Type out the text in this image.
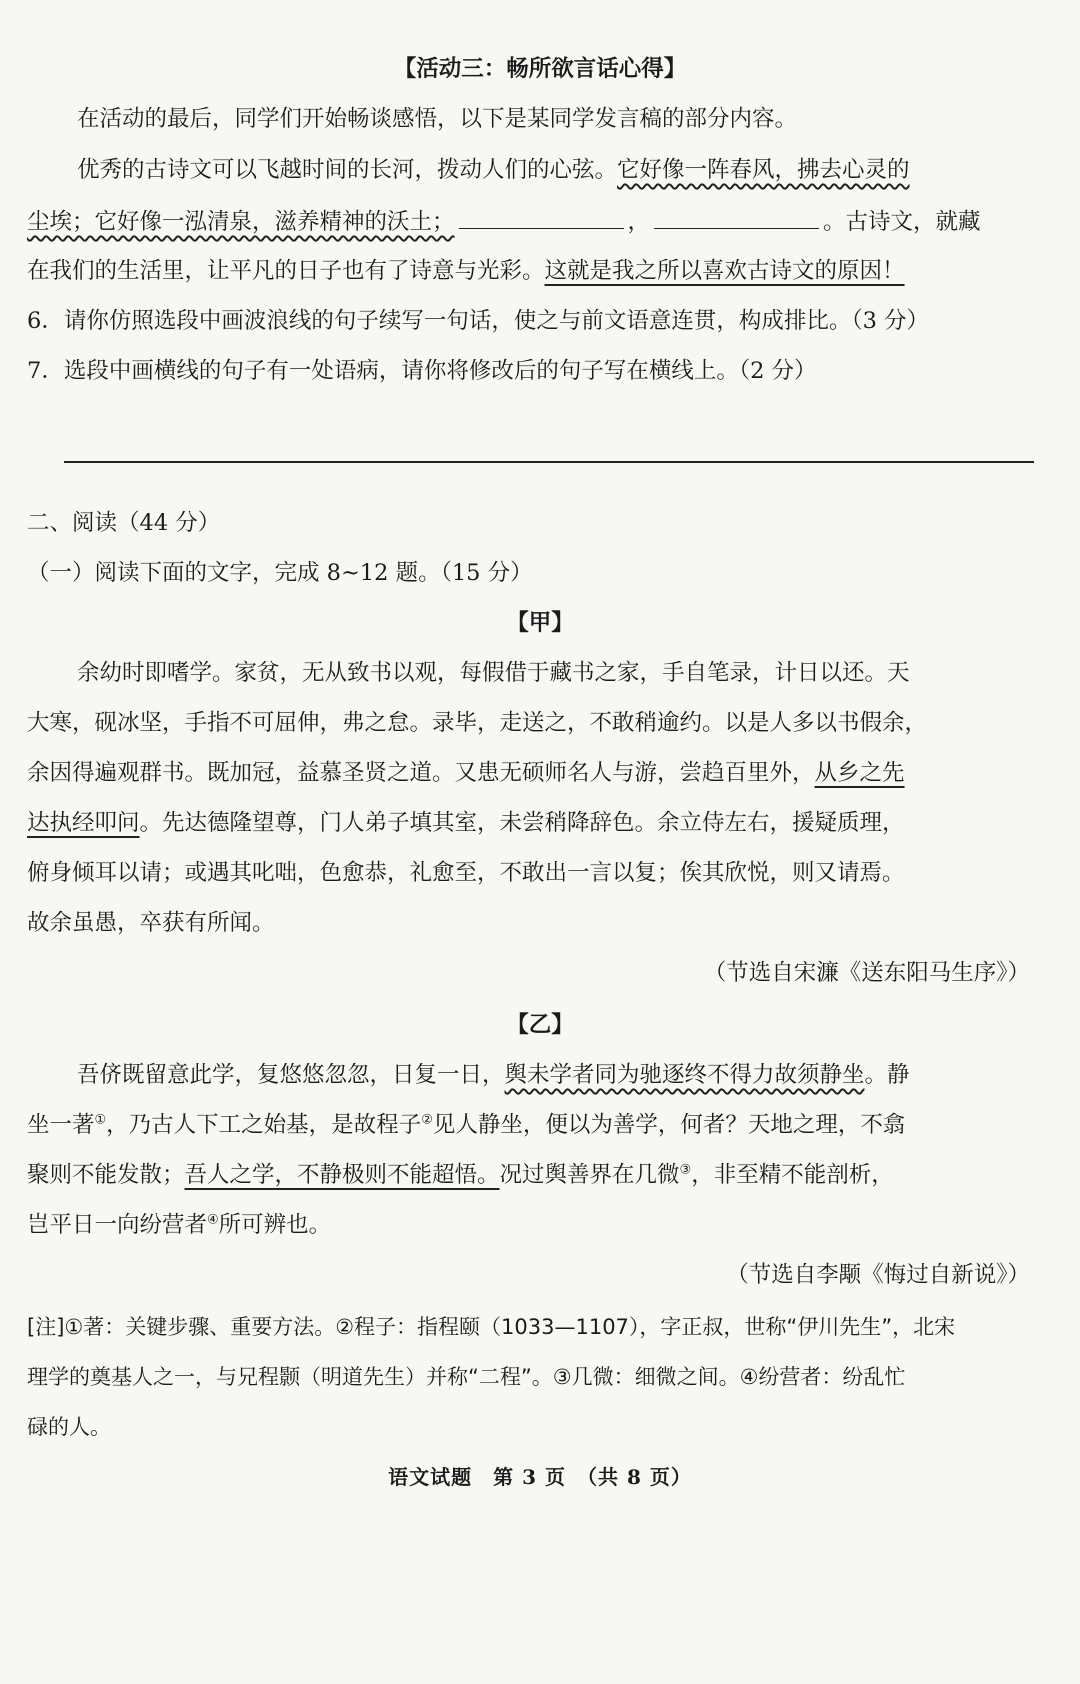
【活动三：畅所欲言话心得】
在活动的最后，同学们开始畅谈感悟，以下是某同学发言稿的部分内容。
优秀的古诗文可以飞越时间的长河，拨动人们的心弦。它好像一阵春风，拂去心灵的
尘埃；它好像一泓清泉，滋养精神的沃土；	，	。古诗文，就藏
在我们的生活里，让平凡的日子也有了诗意与光彩。这就是我之所以喜欢古诗文的原因！
6．请你仿照选段中画波浪线的句子续写一句话，使之与前文语意连贯，构成排比。（3 分）
7．选段中画横线的句子有一处语病，请你将修改后的句子写在横线上。（2 分）
二、阅读（44 分）
（一）阅读下面的文字，完成 8~12 题。（15 分）
【甲】
余幼时即嗜学。家贫，无从致书以观，每假借于藏书之家，手自笔录，计日以还。天
大寒，砚冰坚，手指不可屈伸，弗之怠。录毕，走送之，不敢稍逾约。以是人多以书假余，
余因得遍观群书。既加冠，益慕圣贤之道。又患无硕师名人与游，尝趋百里外，从乡之先
达执经叩问。先达德隆望尊，门人弟子填其室，未尝稍降辞色。余立侍左右，援疑质理，
俯身倾耳以请；或遇其叱咄，色愈恭，礼愈至，不敢出一言以复；俟其欣悦，则又请焉。
故余虽愚，卒获有所闻。
（节选自宋濂《送东阳马生序》）
【乙】
吾侪既留意此学，复悠悠忽忽，日复一日，舆未学者同为驰逐终不得力故须静坐。静
坐一著①，乃古人下工之始基，是故程子②见人静坐，便以为善学，何者？天地之理，不翕
聚则不能发散；吾人之学，不静极则不能超悟。况过舆善界在几微③，非至精不能剖析，
岂平日一向纷营者④所可辨也。
（节选自李颙《悔过自新说》）
[注]①著：关键步骤、重要方法。②程子：指程颐（1033—1107），字正叔，世称“伊川先生”，北宋
理学的奠基人之一，与兄程颢（明道先生）并称“二程”。③几微：细微之间。④纷营者：纷乱忙
碌的人。
语文试题　第 3 页　（共 8 页）
